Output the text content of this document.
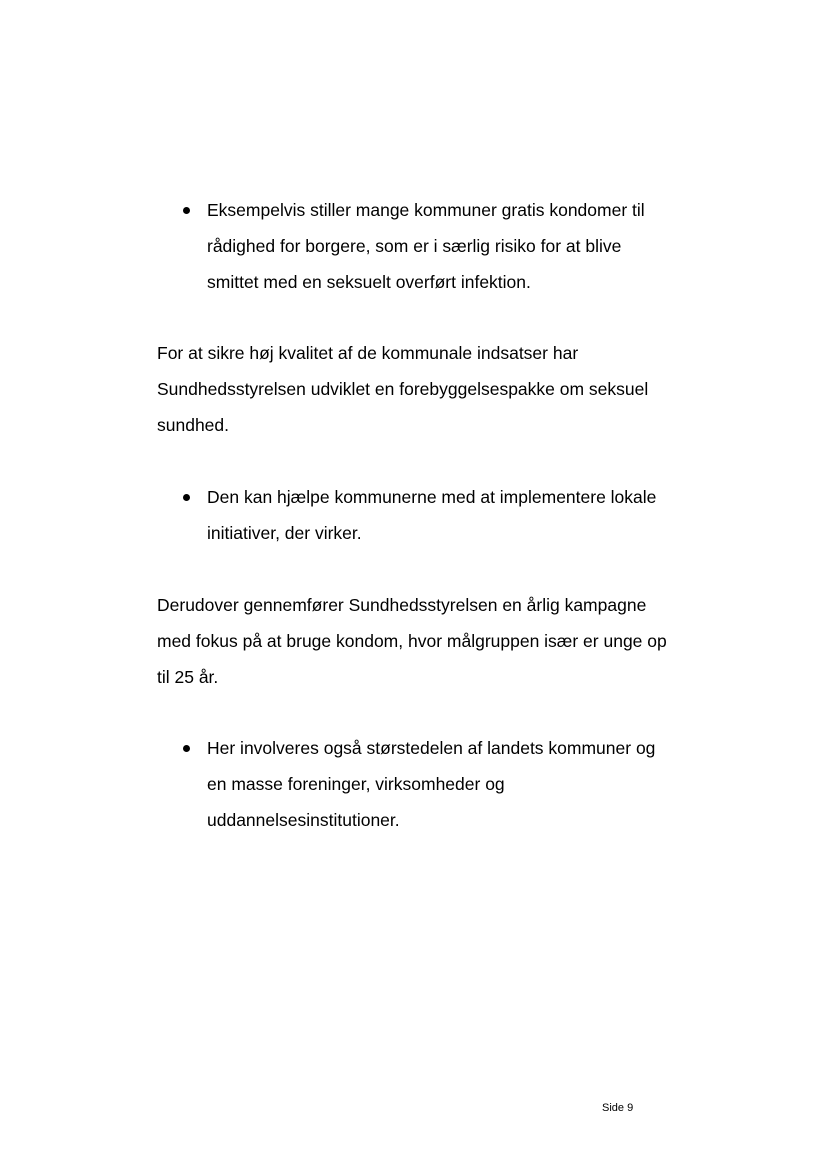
Eksempelvis stiller mange kommuner gratis kondomer til rådighed for borgere, som er i særlig risiko for at blive smittet med en seksuelt overført infektion.

For at sikre høj kvalitet af de kommunale indsatser har Sundhedsstyrelsen udviklet en forebyggelsespakke om seksuel sundhed.

Den kan hjælpe kommunerne med at implementere lokale initiativer, der virker.

Derudover gennemfører Sundhedsstyrelsen en årlig kampagne med fokus på at bruge kondom, hvor målgruppen især er unge op til 25 år.

Her involveres også størstedelen af landets kommuner og en masse foreninger, virksomheder og uddannelsesinstitutioner.

Side 9
